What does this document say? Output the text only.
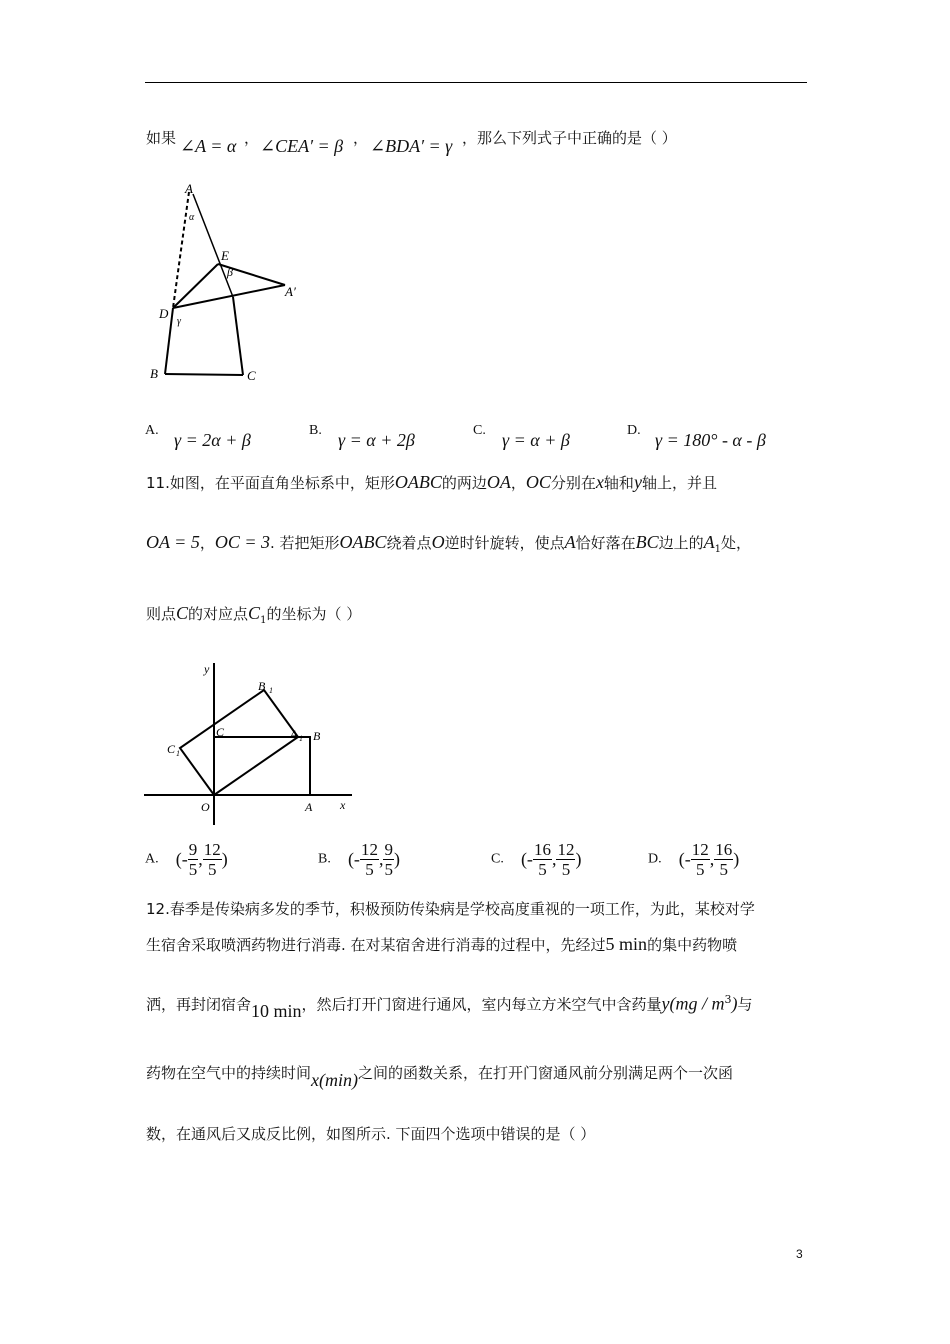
如果 ∠A = α ， ∠CEA′ = β ， ∠BDA′ = γ ，那么下列式子中正确的是（ ）
A
α
E
β
A′
D
γ
B	C
A. γ = 2α + β	B. γ = α + 2β	C. γ = α + β	D. γ = 180° - α - β
11.如图，在平面直角坐标系中，矩形OABC的两边OA，OC分别在x轴和y轴上，并且
OA = 5，OC = 3. 若把矩形OABC绕着点O逆时针旋转，使点A恰好落在BC边上的$A_1$处，
则点C的对应点$C_1$的坐标为（ ）
y
B 1
C	A 1 B
C 1
O	A x
A. (- $\frac{9}{5}$ , $\frac{12}{5}$ )	B. (- $\frac{12}{5}$ , $\frac{9}{5}$ )	C. (- $\frac{16}{5}$ , $\frac{12}{5}$ )	D. (- $\frac{12}{5}$ , $\frac{16}{5}$ )
12.春季是传染病多发的季节，积极预防传染病是学校高度重视的一项工作，为此，某校对学
生宿舍采取喷洒药物进行消毒. 在对某宿舍进行消毒的过程中，先经过5 min的集中药物喷
洒，再封闭宿舍10 min，然后打开门窗进行通风，室内每立方米空气中含药量$y(mg / m^3)$与
药物在空气中的持续时间x(min)之间的函数关系，在打开门窗通风前分别满足两个一次函
数，在通风后又成反比例，如图所示. 下面四个选项中错误的是（ ）
3
